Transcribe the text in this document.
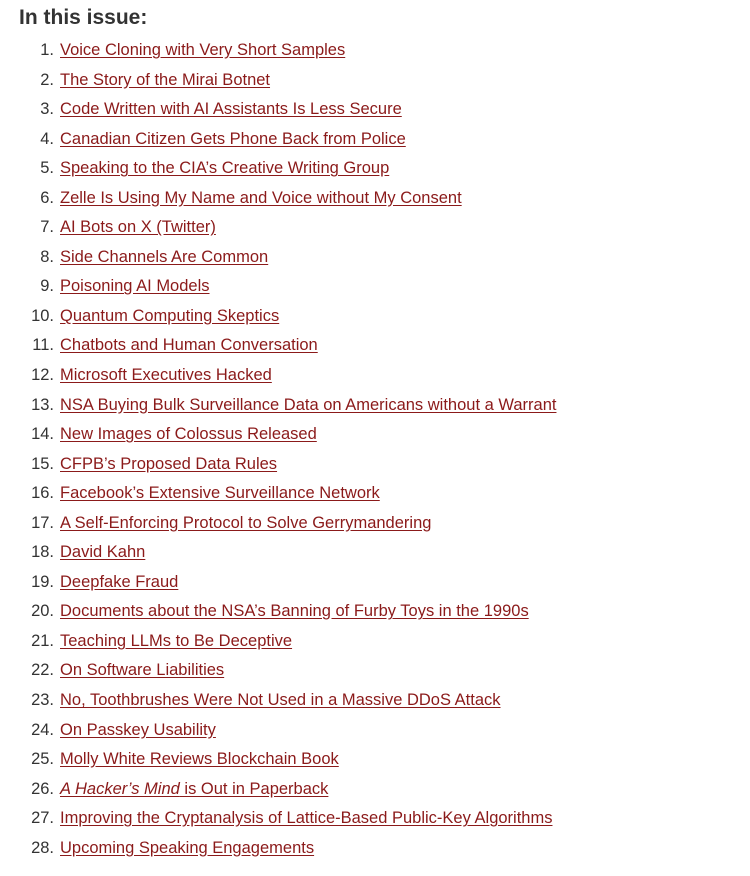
In this issue:
1. Voice Cloning with Very Short Samples
2. The Story of the Mirai Botnet
3. Code Written with AI Assistants Is Less Secure
4. Canadian Citizen Gets Phone Back from Police
5. Speaking to the CIA’s Creative Writing Group
6. Zelle Is Using My Name and Voice without My Consent
7. AI Bots on X (Twitter)
8. Side Channels Are Common
9. Poisoning AI Models
10. Quantum Computing Skeptics
11. Chatbots and Human Conversation
12. Microsoft Executives Hacked
13. NSA Buying Bulk Surveillance Data on Americans without a Warrant
14. New Images of Colossus Released
15. CFPB’s Proposed Data Rules
16. Facebook’s Extensive Surveillance Network
17. A Self-Enforcing Protocol to Solve Gerrymandering
18. David Kahn
19. Deepfake Fraud
20. Documents about the NSA’s Banning of Furby Toys in the 1990s
21. Teaching LLMs to Be Deceptive
22. On Software Liabilities
23. No, Toothbrushes Were Not Used in a Massive DDoS Attack
24. On Passkey Usability
25. Molly White Reviews Blockchain Book
26. A Hacker’s Mind is Out in Paperback
27. Improving the Cryptanalysis of Lattice-Based Public-Key Algorithms
28. Upcoming Speaking Engagements
